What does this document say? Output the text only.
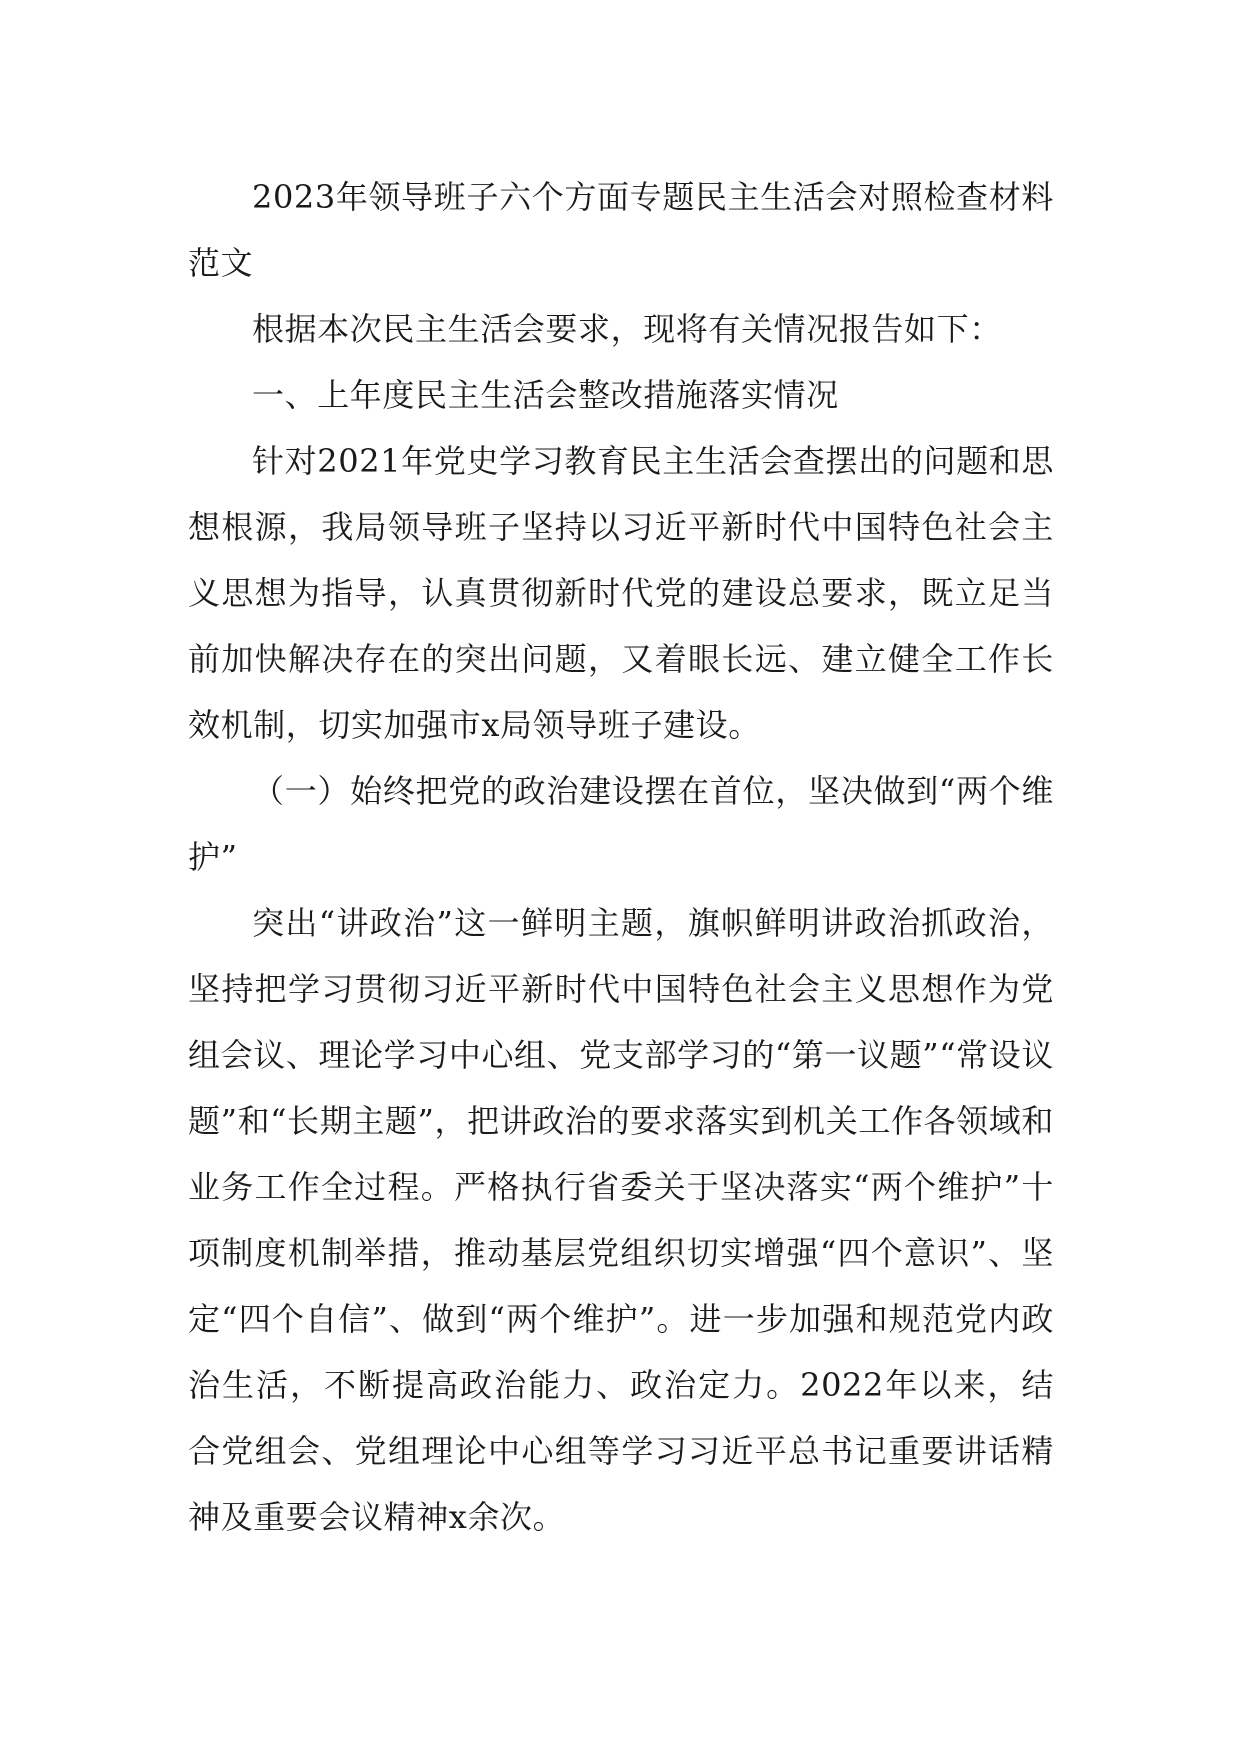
2023年领导班子六个方面专题民主生活会对照检查材料范文

根据本次民主生活会要求，现将有关情况报告如下：

一、上年度民主生活会整改措施落实情况

针对2021年党史学习教育民主生活会查摆出的问题和思想根源，我局领导班子坚持以习近平新时代中国特色社会主义思想为指导，认真贯彻新时代党的建设总要求，既立足当前加快解决存在的突出问题，又着眼长远、建立健全工作长效机制，切实加强市x局领导班子建设。

（一）始终把党的政治建设摆在首位，坚决做到“两个维护”

突出“讲政治”这一鲜明主题，旗帜鲜明讲政治抓政治，坚持把学习贯彻习近平新时代中国特色社会主义思想作为党组会议、理论学习中心组、党支部学习的“第一议题”“常设议题”和“长期主题”，把讲政治的要求落实到机关工作各领域和业务工作全过程。严格执行省委关于坚决落实“两个维护”十项制度机制举措，推动基层党组织切实增强“四个意识”、坚定“四个自信”、做到“两个维护”。进一步加强和规范党内政治生活，不断提高政治能力、政治定力。2022年以来，结合党组会、党组理论中心组等学习习近平总书记重要讲话精神及重要会议精神x余次。
